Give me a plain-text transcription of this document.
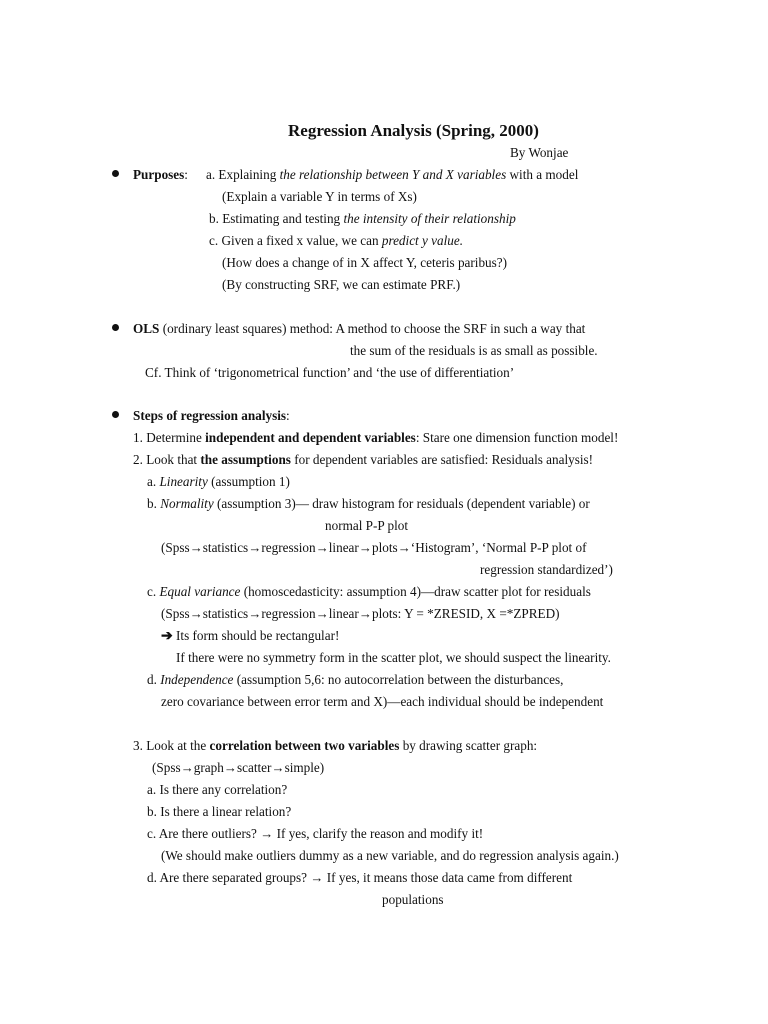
Regression Analysis (Spring, 2000)
By Wonjae
Purposes: a. Explaining the relationship between Y and X variables with a model
(Explain a variable Y in terms of Xs)
b. Estimating and testing the intensity of their relationship
c. Given a fixed x value, we can predict y value.
(How does a change of in X affect Y, ceteris paribus?)
(By constructing SRF, we can estimate PRF.)
OLS (ordinary least squares) method: A method to choose the SRF in such a way that
the sum of the residuals is as small as possible.
Cf. Think of ‘trigonometrical function’ and ‘the use of differentiation’
Steps of regression analysis:
1. Determine independent and dependent variables: Stare one dimension function model!
2. Look that the assumptions for dependent variables are satisfied: Residuals analysis!
a. Linearity (assumption 1)
b. Normality (assumption 3)— draw histogram for residuals (dependent variable) or
normal P-P plot
(Spss→statistics→regression→linear→plots→‘Histogram’, ‘Normal P-P plot of
regression standardized’)
c. Equal variance (homoscedasticity: assumption 4)—draw scatter plot for residuals
(Spss→statistics→regression→linear→plots: Y = *ZRESID, X =*ZPRED)
➔ Its form should be rectangular!
If there were no symmetry form in the scatter plot, we should suspect the linearity.
d. Independence (assumption 5,6: no autocorrelation between the disturbances,
zero covariance between error term and X)—each individual should be independent
3. Look at the correlation between two variables by drawing scatter graph:
(Spss→graph→scatter→simple)
a. Is there any correlation?
b. Is there a linear relation?
c. Are there outliers? → If yes, clarify the reason and modify it!
(We should make outliers dummy as a new variable, and do regression analysis again.)
d. Are there separated groups? → If yes, it means those data came from different
populations
